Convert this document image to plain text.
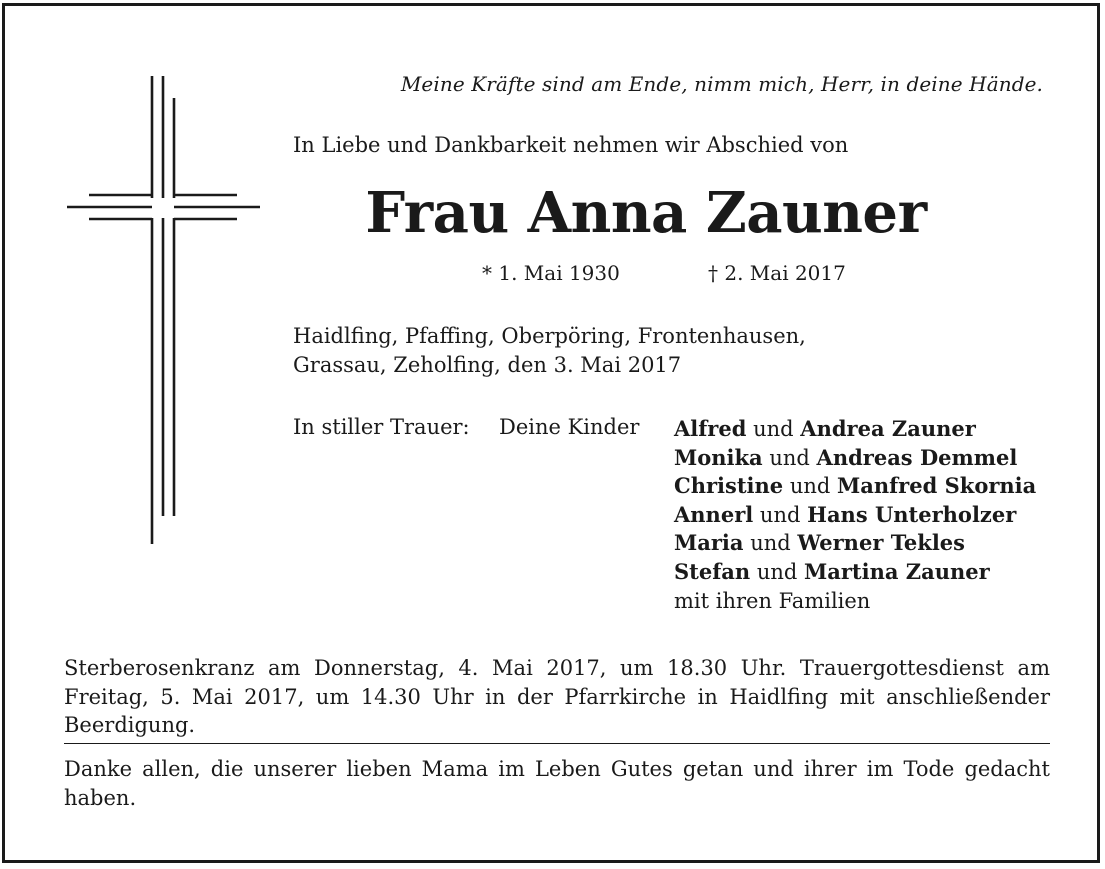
Meine Kräfte sind am Ende, nimm mich, Herr, in deine Hände.
In Liebe und Dankbarkeit nehmen wir Abschied von
Frau Anna Zauner
* 1. Mai 1930	† 2. Mai 2017
Haidlfing, Pfaffing, Oberpöring, Frontenhausen,
Grassau, Zeholfing, den 3. Mai 2017
In stiller Trauer: Deine Kinder Alfred und Andrea Zauner
Monika und Andreas Demmel
Christine und Manfred Skornia
Annerl und Hans Unterholzer
Maria und Werner Tekles
Stefan und Martina Zauner
mit ihren Familien
Sterberosenkranz am Donnerstag, 4. Mai 2017, um 18.30 Uhr. Trauergottesdienst am Freitag, 5. Mai 2017, um 14.30 Uhr in der Pfarrkirche in Haidlfing mit anschließender Beerdigung.
Danke allen, die unserer lieben Mama im Leben Gutes getan und ihrer im Tode gedacht haben.
